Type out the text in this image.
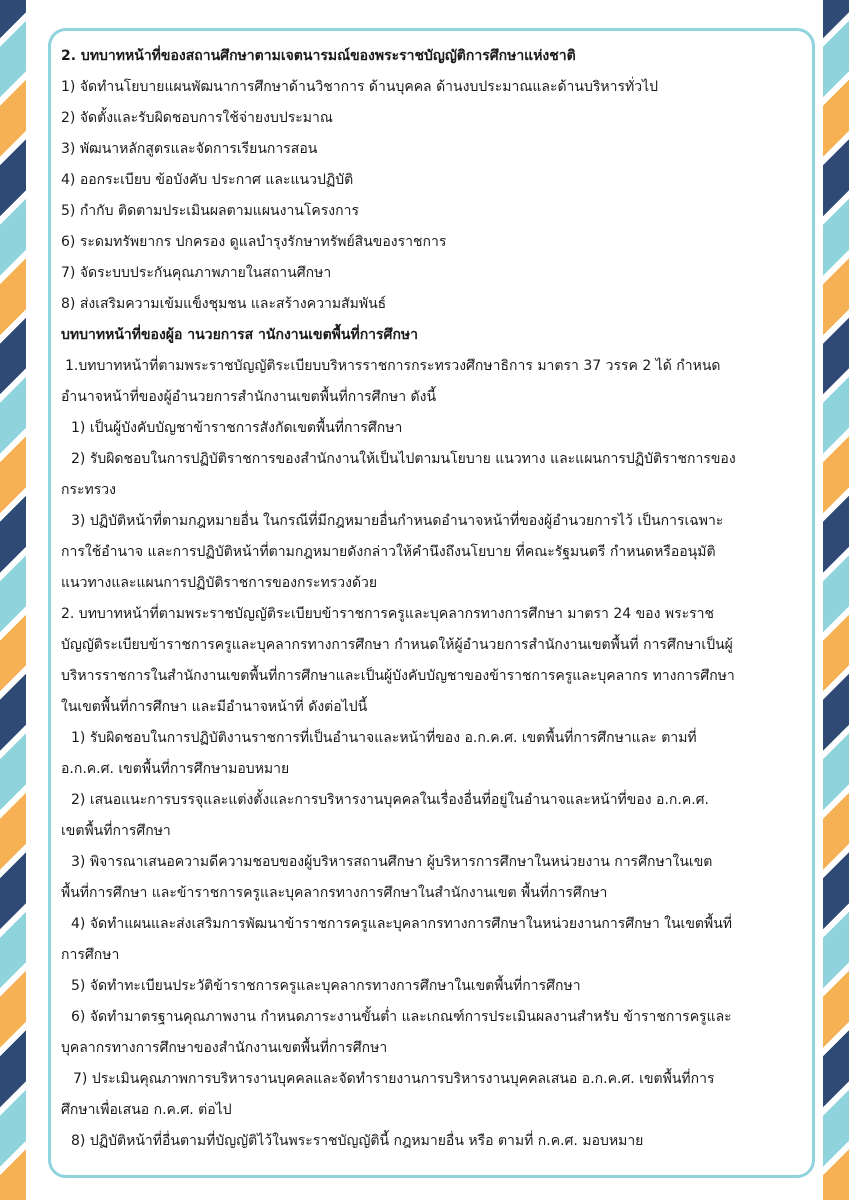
2. บทบาทหน้าที่ของสถานศึกษาตามเจตนารมณ์ของพระราชบัญญัติการศึกษาแห่งชาติ
1) จัดทำนโยบายแผนพัฒนาการศึกษาด้านวิชาการ ด้านบุคคล ด้านงบประมาณและด้านบริหารทั่วไป
2) จัดตั้งและรับผิดชอบการใช้จ่ายงบประมาณ
3) พัฒนาหลักสูตรและจัดการเรียนการสอน
4) ออกระเบียบ ข้อบังคับ ประกาศ และแนวปฏิบัติ
5) กำกับ ติดตามประเมินผลตามแผนงานโครงการ
6) ระดมทรัพยากร ปกครอง ดูแลบำรุงรักษาทรัพย์สินของราชการ
7) จัดระบบประกันคุณภาพภายในสถานศึกษา
8) ส่งเสริมความเข้มแข็งชุมชน และสร้างความสัมพันธ์
บทบาทหน้าที่ของผู้อ านวยการส านักงานเขตพื้นที่การศึกษา
1.บทบาทหน้าที่ตามพระราชบัญญัติระเบียบบริหารราชการกระทรวงศึกษาธิการ มาตรา 37 วรรค 2 ได้ กำหนด
อำนาจหน้าที่ของผู้อำนวยการสำนักงานเขตพื้นที่การศึกษา ดังนี้
1) เป็นผู้บังคับบัญชาข้าราชการสังกัดเขตพื้นที่การศึกษา
2) รับผิดชอบในการปฏิบัติราชการของสำนักงานให้เป็นไปตามนโยบาย แนวทาง และแผนการปฏิบัติราชการของ
กระทรวง
3) ปฏิบัติหน้าที่ตามกฎหมายอื่น ในกรณีที่มีกฎหมายอื่นกำหนดอำนาจหน้าที่ของผู้อำนวยการไว้ เป็นการเฉพาะ
การใช้อำนาจ และการปฏิบัติหน้าที่ตามกฎหมายดังกล่าวให้คำนึงถึงนโยบาย ที่คณะรัฐมนตรี กำหนดหรืออนุมัติ
แนวทางและแผนการปฏิบัติราชการของกระทรวงด้วย
2. บทบาทหน้าที่ตามพระราชบัญญัติระเบียบข้าราชการครูและบุคลากรทางการศึกษา มาตรา 24 ของ พระราช
บัญญัติระเบียบข้าราชการครูและบุคลากรทางการศึกษา กำหนดให้ผู้อำนวยการสำนักงานเขตพื้นที่ การศึกษาเป็นผู้
บริหารราชการในสำนักงานเขตพื้นที่การศึกษาและเป็นผู้บังคับบัญชาของข้าราชการครูและบุคลากร ทางการศึกษา
ในเขตพื้นที่การศึกษา และมีอำนาจหน้าที่ ดังต่อไปนี้
1) รับผิดชอบในการปฏิบัติงานราชการที่เป็นอำนาจและหน้าที่ของ อ.ก.ค.ศ. เขตพื้นที่การศึกษาและ ตามที่
อ.ก.ค.ศ. เขตพื้นที่การศึกษามอบหมาย
2) เสนอแนะการบรรจุและแต่งตั้งและการบริหารงานบุคคลในเรื่องอื่นที่อยู่ในอำนาจและหน้าที่ของ อ.ก.ค.ศ.
เขตพื้นที่การศึกษา
3) พิจารณาเสนอความดีความชอบของผู้บริหารสถานศึกษา ผู้บริหารการศึกษาในหน่วยงาน การศึกษาในเขต
พื้นที่การศึกษา และข้าราชการครูและบุคลากรทางการศึกษาในสำนักงานเขต พื้นที่การศึกษา
4) จัดทำแผนและส่งเสริมการพัฒนาข้าราชการครูและบุคลากรทางการศึกษาในหน่วยงานการศึกษา ในเขตพื้นที่
การศึกษา
5) จัดทำทะเบียนประวัติข้าราชการครูและบุคลากรทางการศึกษาในเขตพื้นที่การศึกษา
6) จัดทำมาตรฐานคุณภาพงาน กำหนดภาระงานขั้นต่ำ และเกณฑ์การประเมินผลงานสำหรับ ข้าราชการครูและ
บุคลากรทางการศึกษาของสำนักงานเขตพื้นที่การศึกษา
7) ประเมินคุณภาพการบริหารงานบุคคลและจัดทำรายงานการบริหารงานบุคคลเสนอ อ.ก.ค.ศ. เขตพื้นที่การ
ศึกษาเพื่อเสนอ ก.ค.ศ. ต่อไป
8) ปฏิบัติหน้าที่อื่นตามที่บัญญัติไว้ในพระราชบัญญัตินี้ กฎหมายอื่น หรือ ตามที่ ก.ค.ศ. มอบหมาย
